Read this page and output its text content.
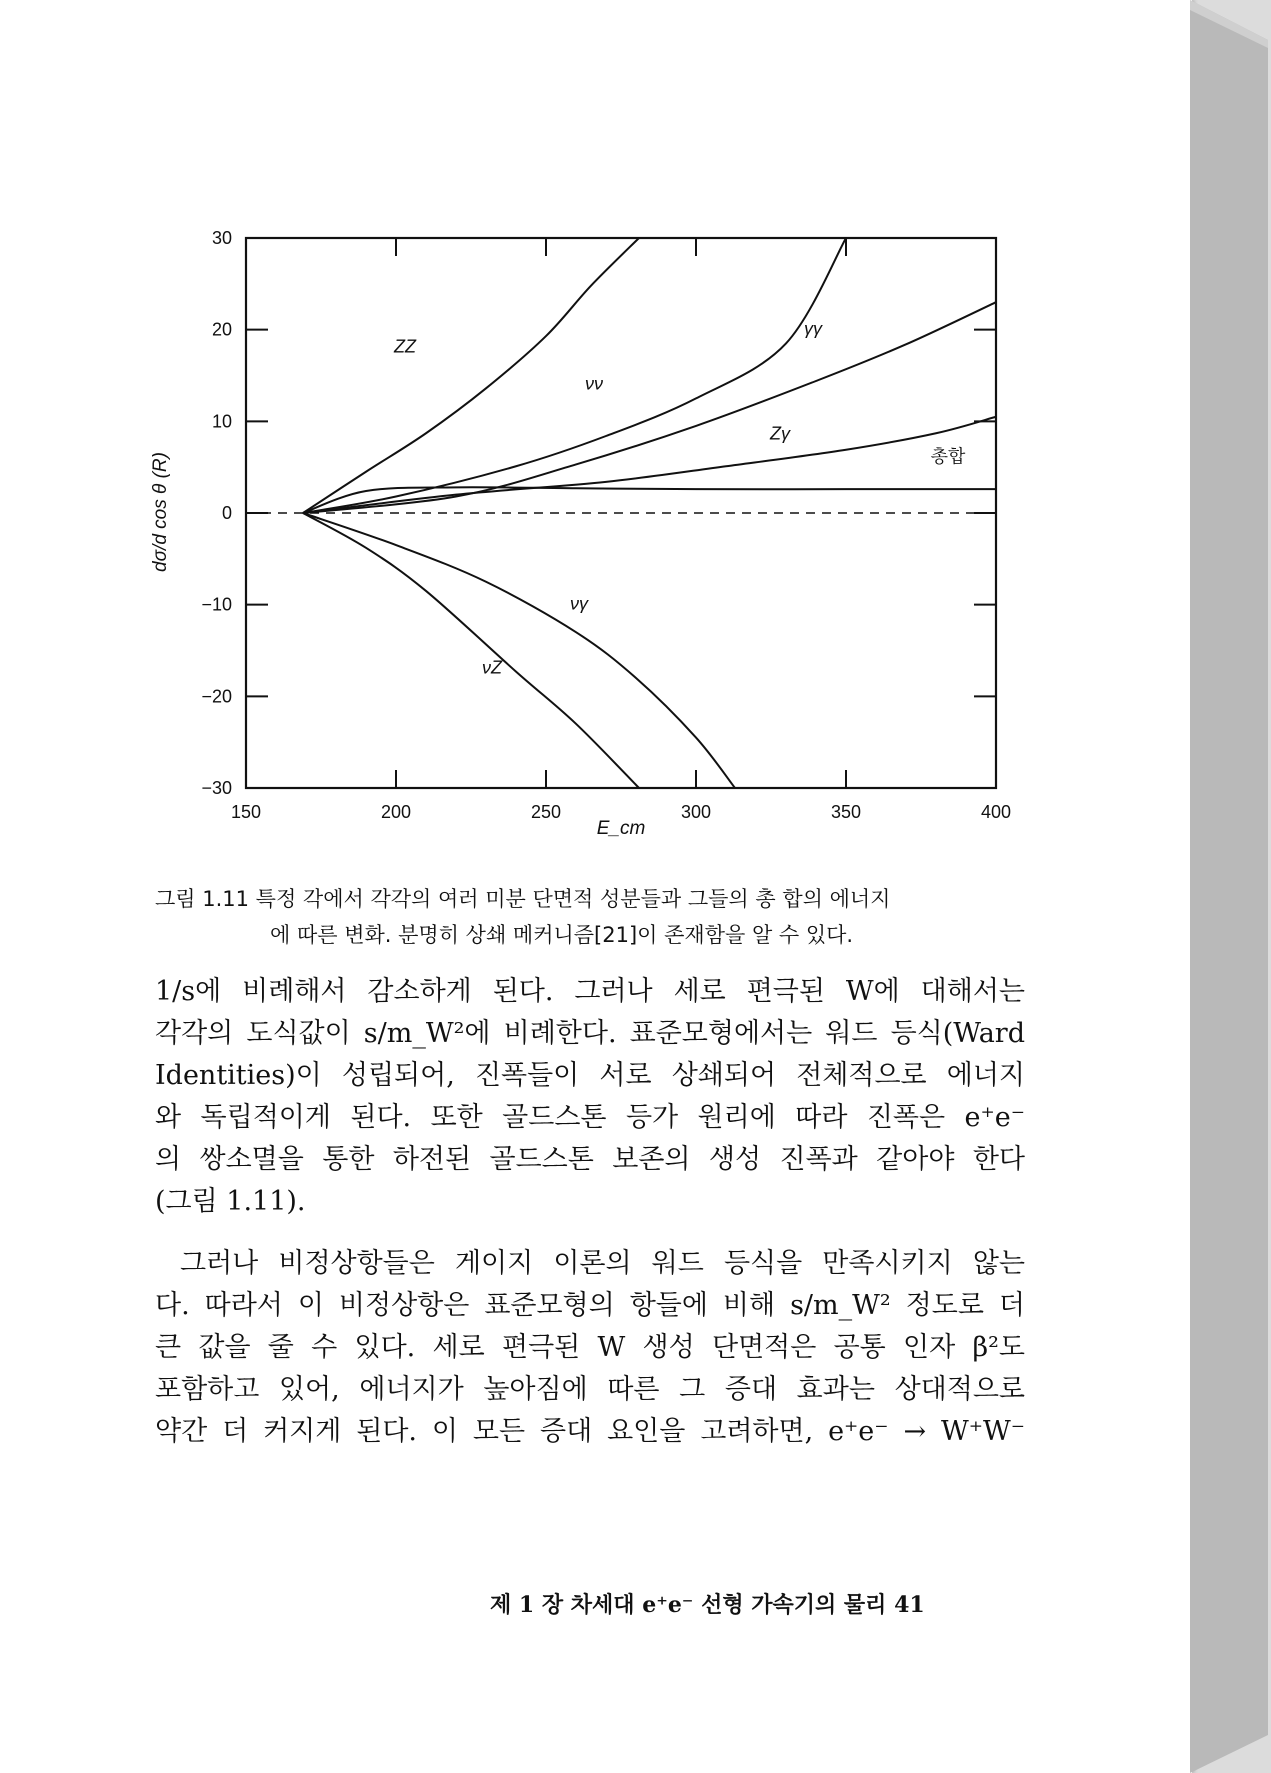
150	200	250	300	350	400
30
20
10
0
−10
−20
−30
ZZ
νν
γγ
Zγ
총합
νγ
νZ
E_cm
dσ/d cos θ (R)
그림 1.11 특정 각에서 각각의 여러 미분 단면적 성분들과 그들의 총 합의 에너지
에 따른 변화. 분명히 상쇄 메커니즘[21]이 존재함을 알 수 있다.
1/s에 비례해서 감소하게 된다. 그러나 세로 편극된 W에 대해서는
각각의 도식값이 s/m_W²에 비례한다. 표준모형에서는 워드 등식(Ward
Identities)이 성립되어, 진폭들이 서로 상쇄되어 전체적으로 에너지
와 독립적이게 된다. 또한 골드스톤 등가 원리에 따라 진폭은 e⁺e⁻
의 쌍소멸을 통한 하전된 골드스톤 보존의 생성 진폭과 같아야 한다
(그림 1.11).
그러나 비정상항들은 게이지 이론의 워드 등식을 만족시키지 않는
다. 따라서 이 비정상항은 표준모형의 항들에 비해 s/m_W² 정도로 더
큰 값을 줄 수 있다. 세로 편극된 W 생성 단면적은 공통 인자 β²도
포함하고 있어, 에너지가 높아짐에 따른 그 증대 효과는 상대적으로
약간 더 커지게 된다. 이 모든 증대 요인을 고려하면, e⁺e⁻ → W⁺W⁻
제 1 장 차세대 e⁺e⁻ 선형 가속기의 물리 41
